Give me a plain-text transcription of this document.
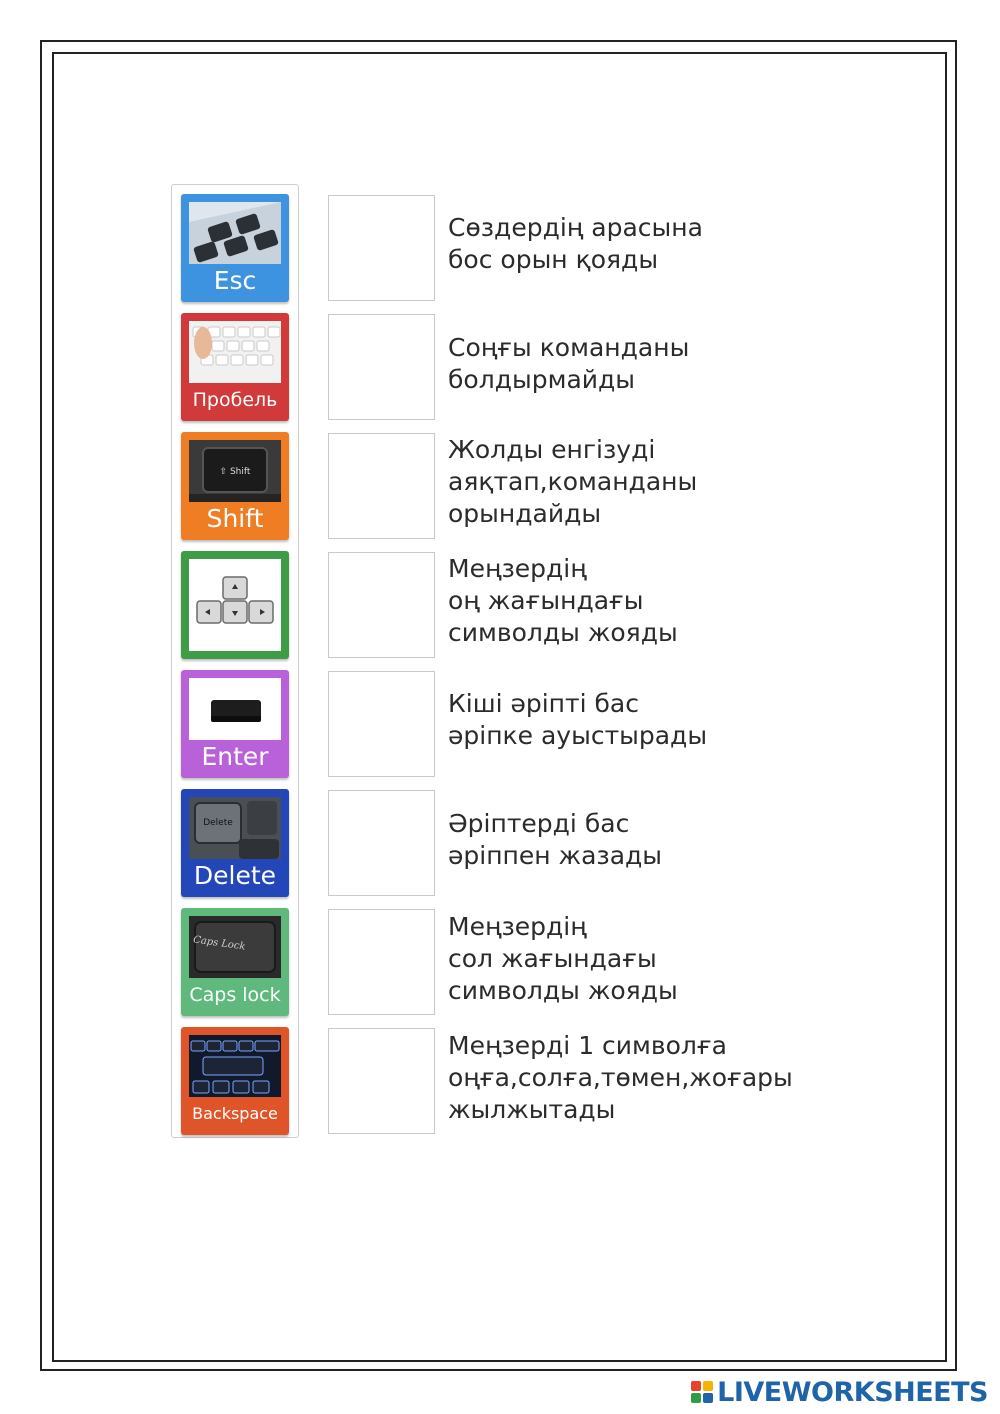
Esc
Пробель
⇧ Shift
Shift
Enter
Delete
Delete
Caps Lock
Caps lock
Backspace
Сөздердің арасына
бос орын қояды
Соңғы команданы
болдырмайды
Жолды енгізуді
аяқтап,команданы
орындайды
Меңзердің
оң жағындағы
символды жояды
Кіші әріпті бас
әріпке ауыстырады
Әріптерді бас
әріппен жазады
Меңзердің
сол жағындағы
символды жояды
Меңзерді 1 символға
оңға,солға,төмен,жоғары
жылжытады
LIVEWORKSHEETS
